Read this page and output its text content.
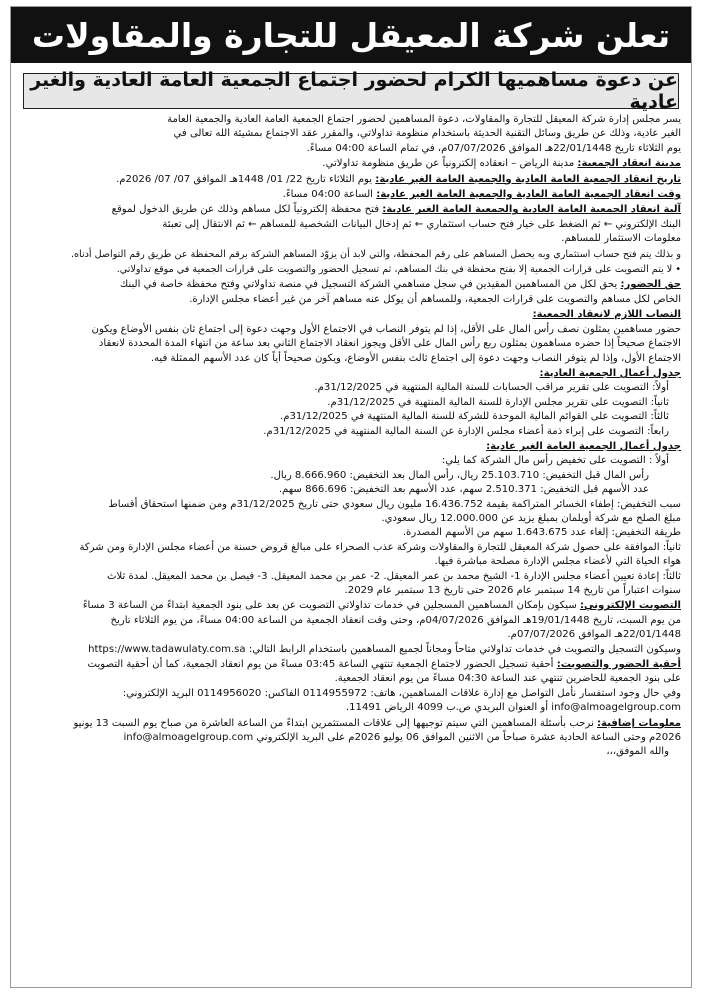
تعلن شركة المعيقل للتجارة والمقاولات
عن دعوة مساهميها الكرام لحضور اجتماع الجمعية العامة العادية والغير عادية

يسر مجلس إدارة شركة المعيقل للتجارة والمقاولات، دعوة المساهمين لحضور اجتماع الجمعية العامة العادية والجمعية العامة
الغير عادية، وذلك عن طريق وسائل التقنية الحديثة باستخدام منظومة تداولاتي، والمقرر عقد الاجتماع بمشيئة الله تعالى في
يوم الثلاثاء تاريخ 22/01/1448هـ الموافق 07/07/2026م، في تمام الساعة 04:00 مساءً.

مدينة انعقاد الجمعية: مدينة الرياض – انعقاده إلكترونياً عن طريق منظومة تداولاتي.

تاريخ انعقاد الجمعية العامة العادية والجمعية العامة الغير عادية: يوم الثلاثاء تاريخ 22/ 01/ 1448هـ الموافق 07/ 07/ 2026م.

وقت انعقاد الجمعية العامة العادية والجمعية العامة الغير عادية: الساعة 04:00 مساءً.

آلية انعقاد الجمعية العامة العادية والجمعية العامة الغير عادية: فتح محفظة إلكترونياً لكل مساهم وذلك عن طريق الدخول لموقع
البنك الإلكتروني ← ثم الضغط على خيار فتح حساب استثماري ← ثم إدخال البيانات الشخصية للمساهم ← ثم الانتقال إلى تعبئة
معلومات الاستثمار للمساهم.

و بذلك يتم فتح حساب استثماري وبه يحصل المساهم على رقم المحفظة، والتي لابد أن يزوّد المساهم الشركة برقم المحفظة عن طريق رقم التواصل أدناه.

• لا يتم التصويت على قرارات الجمعية إلا بفتح محفظة في بنك المساهم، ثم تسجيل الحضور والتصويت على قرارات الجمعية في موقع تداولاتي.

حق الحضور: يحق لكل من المساهمين المقيدين في سجل مساهمي الشركة التسجيل في منصة تداولاتي وفتح محفظة خاصة في البنك
الخاص لكل مساهم والتصويت على قرارات الجمعية، وللمساهم أن يوكل عنه مساهم آخر من غير أعضاء مجلس الإدارة.

النصاب اللازم لانعقاد الجمعية:
حضور مساهمين يمثلون نصف رأس المال على الأقل، إذا لم يتوفر النصاب في الاجتماع الأول وجهت دعوة إلى اجتماع ثان بنفس الأوضاع ويكون
الاجتماع صحيحاً إذا حضره مساهمون يمثلون ربع رأس المال على الأقل ويجوز انعقاد الاجتماع الثاني بعد ساعة من انتهاء المدة المحددة لانعقاد
الاجتماع الأول، وإذا لم يتوفر النصاب وجهت دعوة إلى اجتماع ثالث بنفس الأوضاع، ويكون صحيحاً أياً كان عدد الأسهم الممثلة فيه.

جدول أعمال الجمعية العادية:
أولاً: التصويت على تقرير مراقب الحسابات للسنة المالية المنتهية في 31/12/2025م.
ثانياً: التصويت على تقرير مجلس الإدارة للسنة المالية المنتهية في 31/12/2025م.
ثالثاً: التصويت على القوائم المالية الموحدة للشركة للسنة المالية المنتهية في 31/12/2025م.
رابعاً: التصويت على إبراء ذمة أعضاء مجلس الإدارة عن السنة المالية المنتهية في 31/12/2025م.

جدول أعمال الجمعية العامة الغير عادية:
أولاً : التصويت على تخفيض رأس مال الشركة كما يلي:
رأس المال قبل التخفيض: 25.103.710 ريال، رأس المال بعد التخفيض: 8.666.960 ريال.
عدد الأسهم قبل التخفيض: 2.510.371 سهم، عدد الأسهم بعد التخفيض: 866.696 سهم.
سبب التخفيض: إطفاء الخسائر المتراكمة بقيمة 16.436.752 مليون ريال سعودي حتى تاريخ 31/12/2025م ومن ضمنها استحقاق أقساط
مبلغ الصلح مع شركة أويلمان بمبلغ يزيد عن 12.000.000 ريال سعودي.
طريقة التخفيض: إلغاء عدد 1.643.675 سهم من الأسهم المصدرة.
ثانياً: الموافقة على حصول شركة المعيقل للتجارة والمقاولات وشركة عذب الصحراء على مبالغ قروض حسنة من أعضاء مجلس الإدارة ومن شركة
هواء الحياة التي لأعضاء مجلس الإدارة مصلحة مباشرة فيها.
ثالثاً: إعادة تعيين أعضاء مجلس الإدارة 1- الشيخ محمد بن عمر المعيقل. 2- عمر بن محمد المعيقل. 3- فيصل بن محمد المعيقل. لمدة ثلاث
سنوات اعتباراً من تاريخ 14 سبتمبر عام 2026 حتى تاريخ 13 سبتمبر عام 2029.

التصويت الإلكتروني: سيكون بإمكان المساهمين المسجلين في خدمات تداولاتي التصويت عن بعد على بنود الجمعية ابتداءً من الساعة 3 مساءً
من يوم السبت، تاريخ 19/01/1448هـ الموافق 04/07/2026م، وحتى وقت انعقاد الجمعية من الساعة 04:00 مساءً، من يوم الثلاثاء تاريخ
22/01/1448هـ الموافق 07/07/2026م.
وسيكون التسجيل والتصويت في خدمات تداولاتي متاحاً ومجاناً لجميع المساهمين باستخدام الرابط التالي: https://www.tadawulaty.com.sa

أحقية الحضور والتصويت: أحقية تسجيل الحضور لاجتماع الجمعية تنتهي الساعة 03:45 مساءً من يوم انعقاد الجمعية، كما أن أحقية التصويت
على بنود الجمعية للحاضرين تنتهي عند الساعة 04:30 مساءً من يوم انعقاد الجمعية.
وفي حال وجود استفسار نأمل التواصل مع إدارة علاقات المساهمين، هاتف: 0114955972 الفاكس: 0114956020 البريد الإلكتروني:
info@almoagelgroup.com أو العنوان البريدي ص.ب 4099 الرياض 11491.

معلومات إضافية: نرحب بأسئلة المساهمين التي سيتم توجيهها إلى علاقات المستثمرين ابتداءً من الساعة العاشرة من صباح يوم السبت 13 يونيو
2026م وحتى الساعة الحادية عشرة صباحاً من الاثنين الموافق 06 يوليو 2026م على البريد الإلكتروني info@almoagelgroup.com
والله الموفق،،،
